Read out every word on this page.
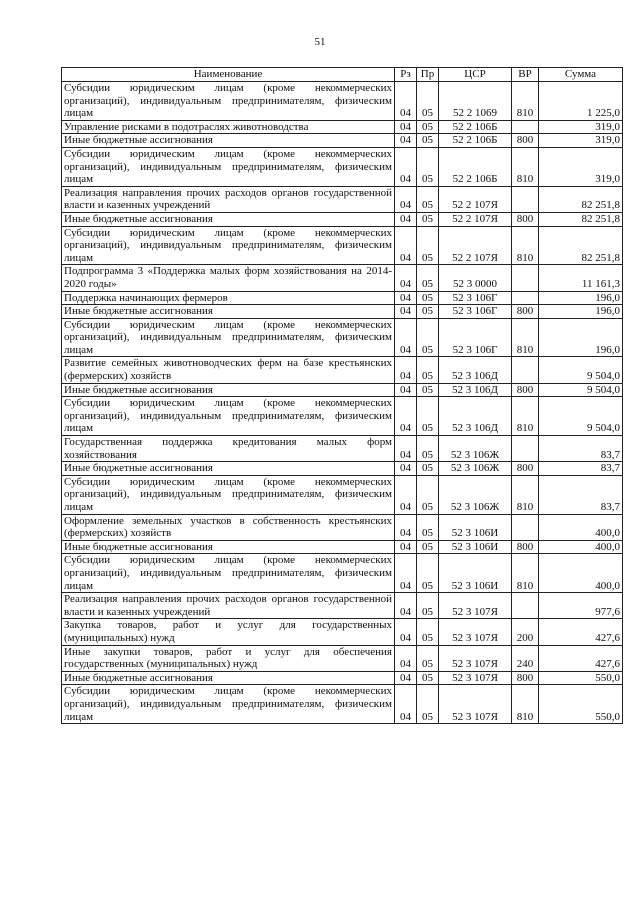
51
Наименование	Рз	Пр	ЦСР	ВР	Сумма
Субсидии юридическим лицам (кроме некоммерческих организаций), индивидуальным предпринимателям, физическим лицам	04	05	52 2 1069	810	1 225,0
Управление рисками в подотраслях животноводства	04	05	52 2 106Б		319,0
Иные бюджетные ассигнования	04	05	52 2 106Б	800	319,0
Субсидии юридическим лицам (кроме некоммерческих организаций), индивидуальным предпринимателям, физическим лицам	04	05	52 2 106Б	810	319,0
Реализация направления прочих расходов органов государственной власти и казенных учреждений	04	05	52 2 107Я		82 251,8
Иные бюджетные ассигнования	04	05	52 2 107Я	800	82 251,8
Субсидии юридическим лицам (кроме некоммерческих организаций), индивидуальным предпринимателям, физическим лицам	04	05	52 2 107Я	810	82 251,8
Подпрограмма 3 «Поддержка малых форм хозяйствования на 2014-2020 годы»	04	05	52 3 0000		11 161,3
Поддержка начинающих фермеров	04	05	52 3 106Г		196,0
Иные бюджетные ассигнования	04	05	52 3 106Г	800	196,0
Субсидии юридическим лицам (кроме некоммерческих организаций), индивидуальным предпринимателям, физическим лицам	04	05	52 3 106Г	810	196,0
Развитие семейных животноводческих ферм на базе крестьянских (фермерских) хозяйств	04	05	52 3 106Д		9 504,0
Иные бюджетные ассигнования	04	05	52 3 106Д	800	9 504,0
Субсидии юридическим лицам (кроме некоммерческих организаций), индивидуальным предпринимателям, физическим лицам	04	05	52 3 106Д	810	9 504,0
Государственная поддержка кредитования малых форм хозяйствования	04	05	52 3 106Ж		83,7
Иные бюджетные ассигнования	04	05	52 3 106Ж	800	83,7
Субсидии юридическим лицам (кроме некоммерческих организаций), индивидуальным предпринимателям, физическим лицам	04	05	52 3 106Ж	810	83,7
Оформление земельных участков в собственность крестьянских (фермерских) хозяйств	04	05	52 3 106И		400,0
Иные бюджетные ассигнования	04	05	52 3 106И	800	400,0
Субсидии юридическим лицам (кроме некоммерческих организаций), индивидуальным предпринимателям, физическим лицам	04	05	52 3 106И	810	400,0
Реализация направления прочих расходов органов государственной власти и казенных учреждений	04	05	52 3 107Я		977,6
Закупка товаров, работ и услуг для государственных (муниципальных) нужд	04	05	52 3 107Я	200	427,6
Иные закупки товаров, работ и услуг для обеспечения государственных (муниципальных) нужд	04	05	52 3 107Я	240	427,6
Иные бюджетные ассигнования	04	05	52 3 107Я	800	550,0
Субсидии юридическим лицам (кроме некоммерческих организаций), индивидуальным предпринимателям, физическим лицам	04	05	52 3 107Я	810	550,0
